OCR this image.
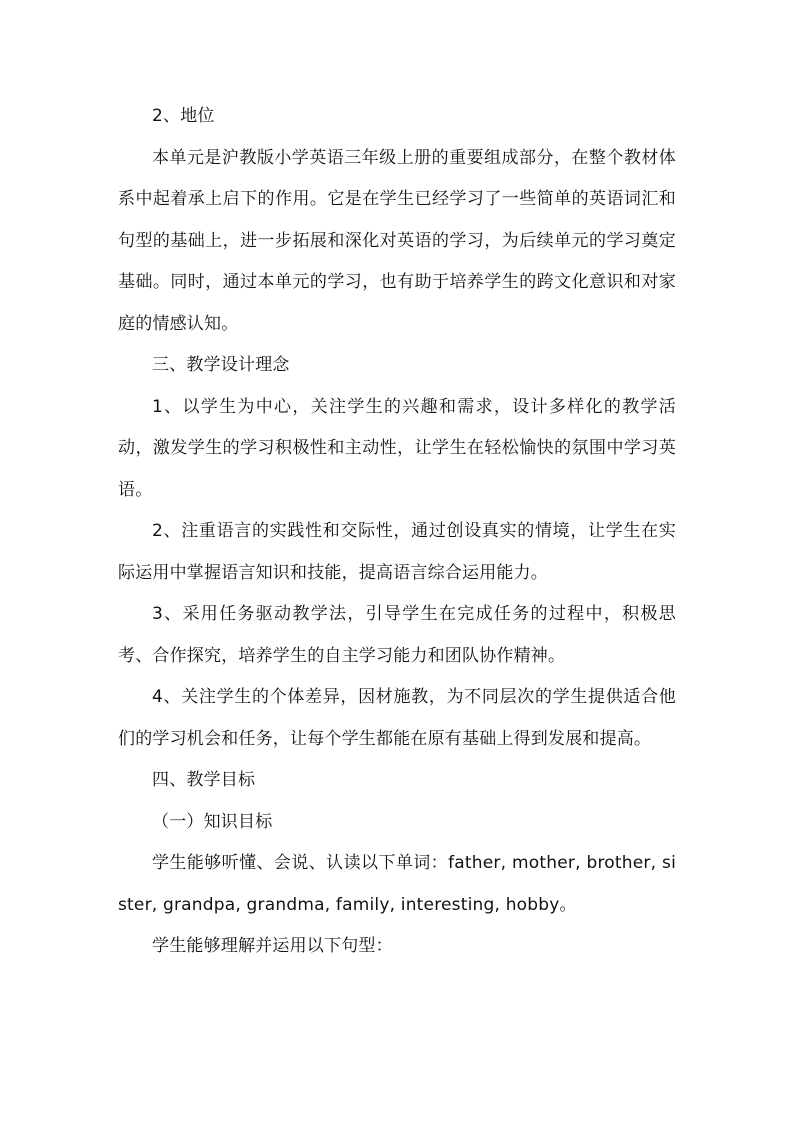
2、地位

本单元是沪教版小学英语三年级上册的重要组成部分，在整个教材体系中起着承上启下的作用。它是在学生已经学习了一些简单的英语词汇和句型的基础上，进一步拓展和深化对英语的学习，为后续单元的学习奠定基础。同时，通过本单元的学习，也有助于培养学生的跨文化意识和对家庭的情感认知。

三、教学设计理念

1、以学生为中心，关注学生的兴趣和需求，设计多样化的教学活动，激发学生的学习积极性和主动性，让学生在轻松愉快的氛围中学习英语。

2、注重语言的实践性和交际性，通过创设真实的情境，让学生在实际运用中掌握语言知识和技能，提高语言综合运用能力。

3、采用任务驱动教学法，引导学生在完成任务的过程中，积极思考、合作探究，培养学生的自主学习能力和团队协作精神。

4、关注学生的个体差异，因材施教，为不同层次的学生提供适合他们的学习机会和任务，让每个学生都能在原有基础上得到发展和提高。

四、教学目标

（一）知识目标

学生能够听懂、会说、认读以下单词：father, mother, brother, sister, grandpa, grandma, family, interesting, hobby。

学生能够理解并运用以下句型：
